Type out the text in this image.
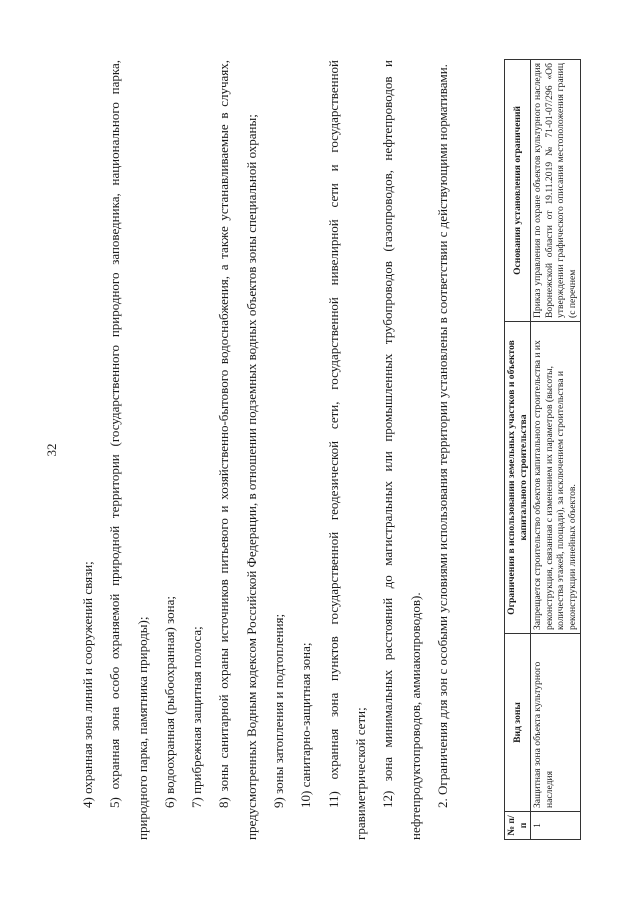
32

4) охранная зона линий и сооружений связи; 5) охранная зона особо охраняемой природной территории (государственного природного заповедника, национального парка, природного парка, памятника природы); 6) водоохранная (рыбоохранная) зона; 7) прибрежная защитная полоса; 8) зоны санитарной охраны источников питьевого и хозяйственно-бытового водоснабжения, а также устанавливаемые в случаях, предусмотренных Водным кодексом Российской Федерации, в отношении подземных водных объектов зоны специальной охраны; 9) зоны затопления и подтопления; 10) санитарно-защитная зона; 11) охранная зона пунктов государственной геодезической сети, государственной нивелирной сети и государственной гравиметрической сети; 12) зона минимальных расстояний до магистральных или промышленных трубопроводов (газопроводов, нефтепроводов и нефтепродуктопроводов, аммиакопроводов). 2. Ограничения для зон с особыми условиями использования территории установлены в соответствии с действующими нормативами.

№ п/п	Вид зоны	Ограничения в использовании земельных участков и объектов капитального строительства	Основания установления ограничений
1	Защитная зона объекта культурного наследия	Запрещается строительство объектов капитального строительства и их реконструкция, связанная с изменением их параметров (высоты, количества этажей, площади), за исключением строительства и реконструкции линейных объектов.	Приказ управления по охране объектов культурного наследия Воронежской области от 19.11.2019 № 71-01-07/296 «Об утверждении графического описания местоположения границ (с перечнем
